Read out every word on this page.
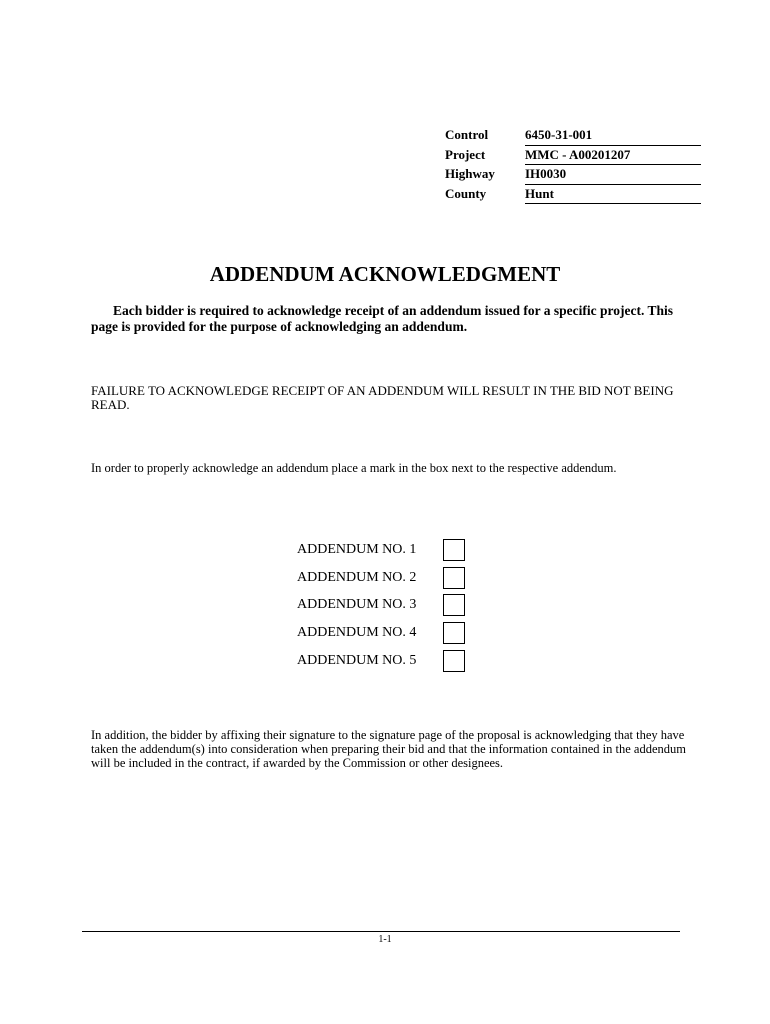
Control	6450-31-001
Project	MMC - A00201207
Highway	IH0030
County	Hunt
ADDENDUM ACKNOWLEDGMENT

Each bidder is required to acknowledge receipt of an addendum issued for a specific project. This page is provided for the purpose of acknowledging an addendum.

FAILURE TO ACKNOWLEDGE RECEIPT OF AN ADDENDUM WILL RESULT IN THE BID NOT BEING READ.

In order to properly acknowledge an addendum place a mark in the box next to the respective addendum.

ADDENDUM NO. 1
ADDENDUM NO. 2
ADDENDUM NO. 3
ADDENDUM NO. 4
ADDENDUM NO. 5

In addition, the bidder by affixing their signature to the signature page of the proposal is acknowledging that they have taken the addendum(s) into consideration when preparing their bid and that the information contained in the addendum will be included in the contract, if awarded by the Commission or other designees.

1-1
